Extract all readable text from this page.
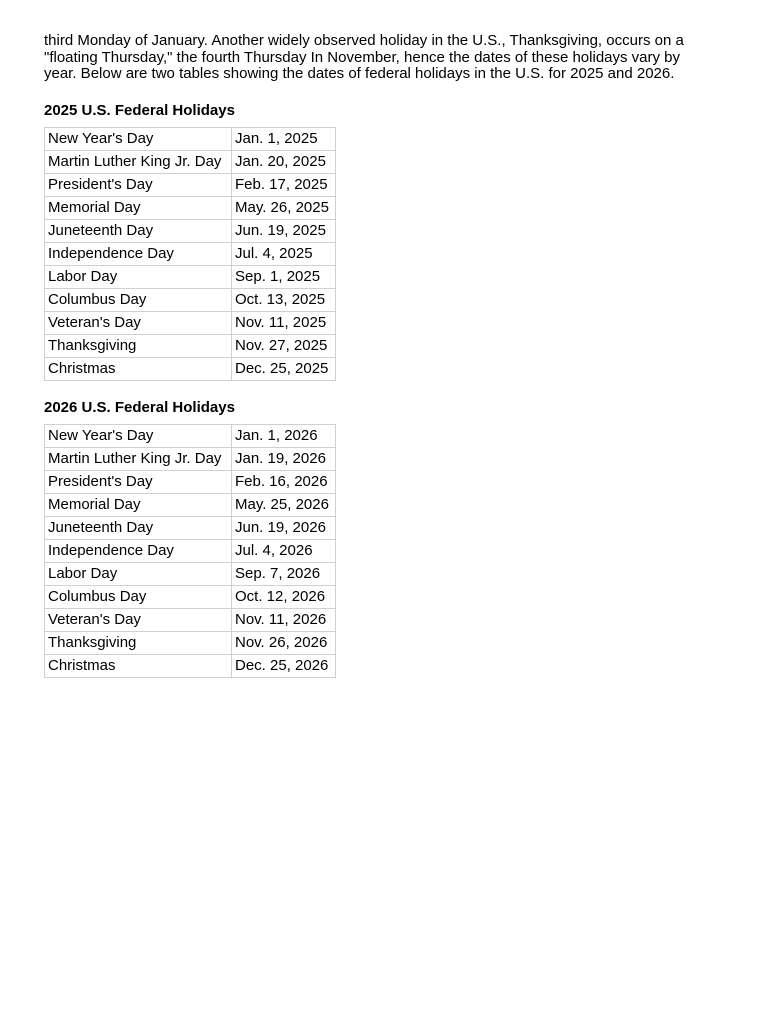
third Monday of January. Another widely observed holiday in the U.S., Thanksgiving, occurs on a
"floating Thursday," the fourth Thursday In November, hence the dates of these holidays vary by
year. Below are two tables showing the dates of federal holidays in the U.S. for 2025 and 2026.

2025 U.S. Federal Holidays
New Year's Day	Jan. 1, 2025
Martin Luther King Jr. Day	Jan. 20, 2025
President's Day	Feb. 17, 2025
Memorial Day	May. 26, 2025
Juneteenth Day	Jun. 19, 2025
Independence Day	Jul. 4, 2025
Labor Day	Sep. 1, 2025
Columbus Day	Oct. 13, 2025
Veteran's Day	Nov. 11, 2025
Thanksgiving	Nov. 27, 2025
Christmas	Dec. 25, 2025
2026 U.S. Federal Holidays
New Year's Day	Jan. 1, 2026
Martin Luther King Jr. Day	Jan. 19, 2026
President's Day	Feb. 16, 2026
Memorial Day	May. 25, 2026
Juneteenth Day	Jun. 19, 2026
Independence Day	Jul. 4, 2026
Labor Day	Sep. 7, 2026
Columbus Day	Oct. 12, 2026
Veteran's Day	Nov. 11, 2026
Thanksgiving	Nov. 26, 2026
Christmas	Dec. 25, 2026
